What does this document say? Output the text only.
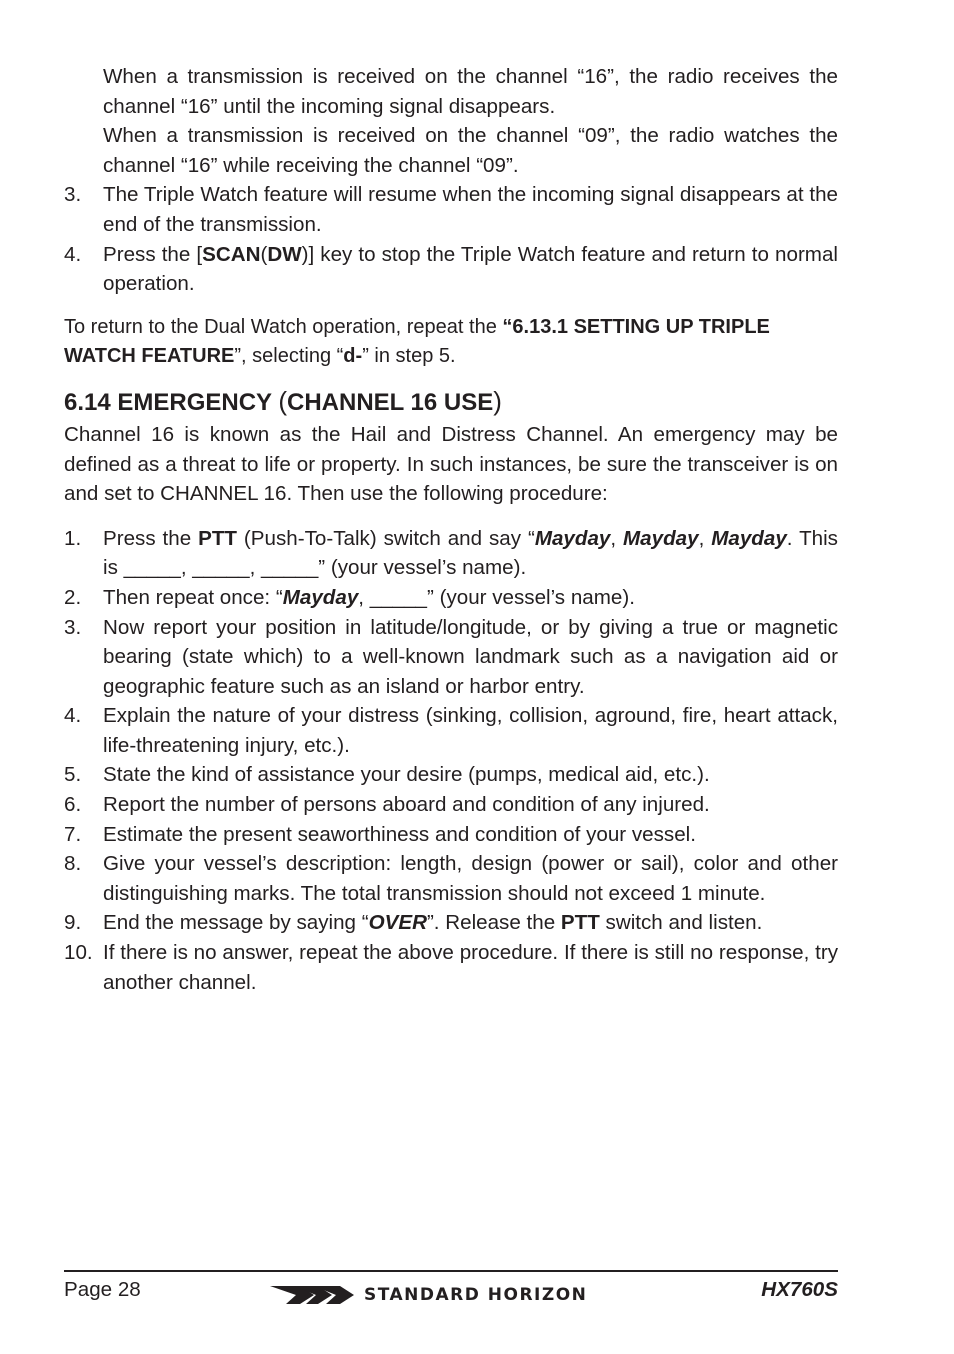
When a transmission is received on the channel “16”, the radio receives the channel “16” until the incoming signal disappears.

When a transmission is received on the channel “09”, the radio watches the channel “16” while receiving the channel “09”.

3.	The Triple Watch feature will resume when the incoming signal disappears at the end of the transmission.
4.	Press the [SCAN(DW)] key to stop the Triple Watch feature and return to normal operation.

To return to the Dual Watch operation, repeat the “6.13.1 SETTING UP TRIPLE WATCH FEATURE”, selecting “d-” in step 5.

6.14 EMERGENCY (CHANNEL 16 USE)

Channel 16 is known as the Hail and Distress Channel. An emergency may be defined as a threat to life or property. In such instances, be sure the transceiver is on and set to CHANNEL 16. Then use the following procedure:

1.	Press the PTT (Push-To-Talk) switch and say “Mayday, Mayday, Mayday. This is _____, _____, _____” (your vessel’s name).
2.	Then repeat once: “Mayday, _____” (your vessel’s name).
3.	Now report your position in latitude/longitude, or by giving a true or magnetic bearing (state which) to a well-known landmark such as a navigation aid or geographic feature such as an island or harbor entry.
4.	Explain the nature of your distress (sinking, collision, aground, fire, heart attack, life-threatening injury, etc.).
5.	State the kind of assistance your desire (pumps, medical aid, etc.).
6.	Report the number of persons aboard and condition of any injured.
7.	Estimate the present seaworthiness and condition of your vessel.
8.	Give your vessel’s description: length, design (power or sail), color and other distinguishing marks. The total transmission should not exceed 1 minute.
9.	End the message by saying “OVER”. Release the PTT switch and listen.
10. If there is no answer, repeat the above procedure. If there is still no response, try another channel.
Page 28	STANDARD HORIZON	HX760S
